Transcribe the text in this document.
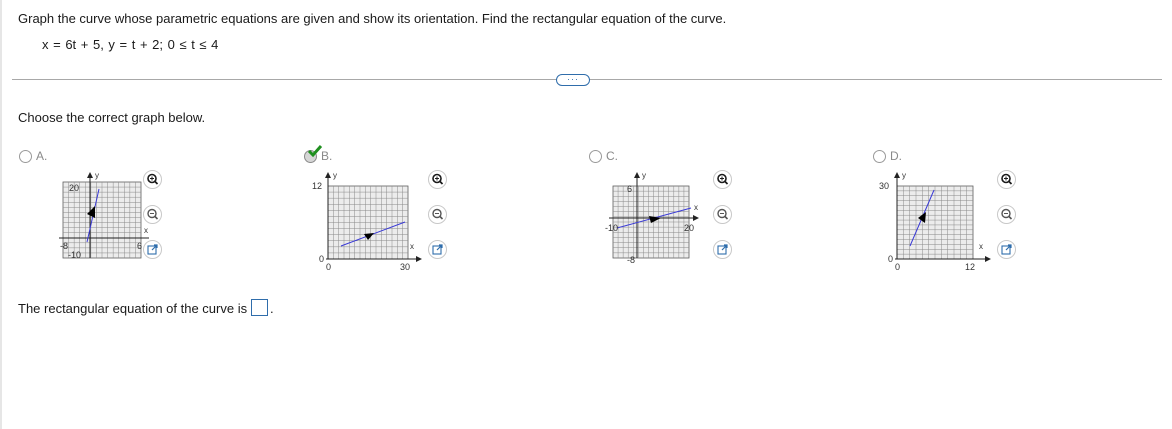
Graph the curve whose parametric equations are given and show its orientation. Find the rectangular equation of the curve.
x = 6t + 5, y = t + 2; 0 ≤ t ≤ 4
···
Choose the correct graph below.
A.
20
y
x
-8	6
-10
B.
12
y
x
0
0	30
C.
6
y
x
-10	20
-8
D.
30
y
x
0
0	12
The rectangular equation of the curve is .
